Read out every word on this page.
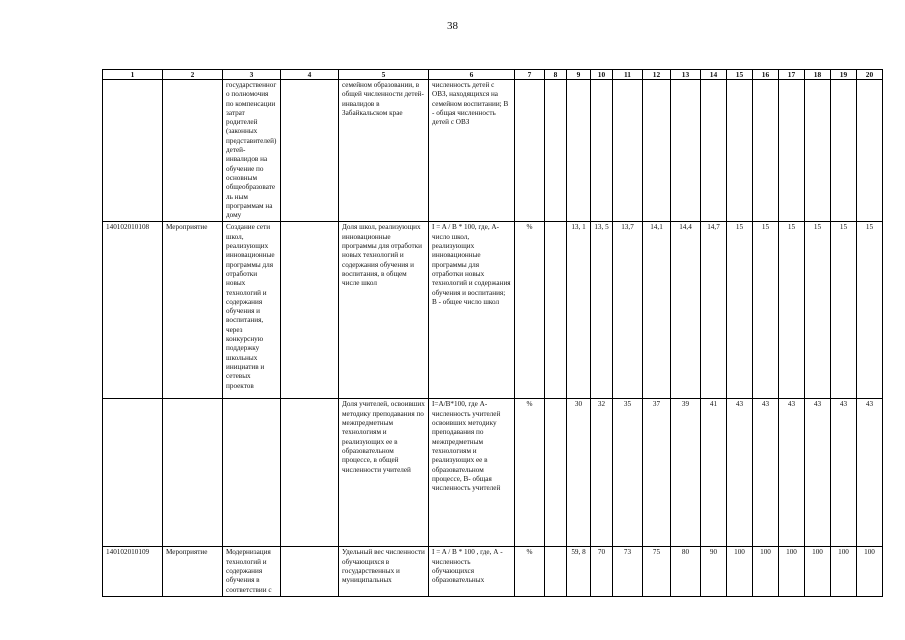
38
1	2	3	4	5	6	7	8	9	10	11	12	13	14	15	16	17	18	19	20
		государственного полномочия по компенсации затрат родителей (законных представителей) детей-инвалидов на обучение по основным общеобразователь ным программам на дому		семейном образовании, в общей численности детей-инвалидов в Забайкальском крае	численность детей с ОВЗ, находящихся на семейном воспитании; В - общая численность детей с ОВЗ														
140102010108	Мероприятие	Создание сети школ, реализующих инновационные программы для отработки новых технологий и содержания обучения и воспитания, через конкурсную поддержку школьных инициатив и сетевых проектов		Доля школ, реализующих инновационные программы для отработки новых технологий и содержания обучения и воспитания, в общем числе школ	I = A / B * 100, где, А- число школ, реализующих инновационные программы для отработки новых технологий и содержания обучения и воспитания; В - общее число школ	%		13, 1	13, 5	13,7	14,1	14,4	14,7	15	15	15	15	15	15
				Доля учителей, освоивших методику преподавания по межпредметным технологиям и реализующих ее в образовательном процессе, в общей численности учителей	I=A/B*100, где А- численность учителей освоивших методику преподавания по межпредметным технологиям и реализующих ее в образовательном процессе, В- общая численность учителей	%		30	32	35	37	39	41	43	43	43	43	43	43
140102010109	Мероприятие	Модернизация технологий и содержания обучения в соответствии с		Удельный вес численности обучающихся в государственных и муниципальных	I = A / B * 100 , где, А - численность обучающихся образовательных	%		59, 8	70	73	75	80	90	100	100	100	100	100	100
